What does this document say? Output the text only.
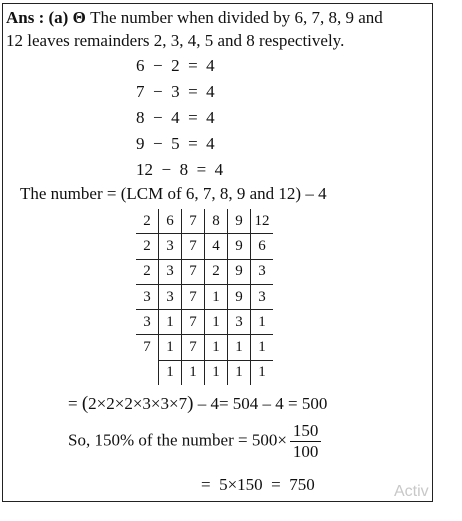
Ans : (a) Θ The number when divided by 6, 7, 8, 9 and
12 leaves remainders 2, 3, 4, 5 and 8 respectively.
6  −  2  =  4
7  −  3  =  4
8  −  4  =  4
9  −  5  =  4
12  −  8  =  4
The number = (LCM of 6, 7, 8, 9 and 12) – 4
2	6	7	8	9	12
2	3	7	4	9	6
2	3	7	2	9	3
3	3	7	1	9	3
3	1	7	1	3	1
7	1	7	1	1	1
	1	1	1	1	1
= (2×2×2×3×3×7) – 4= 504 – 4 = 500
So, 150% of the number = $500\times \frac{150}{100}$
=  5×150  =  750	Activ
